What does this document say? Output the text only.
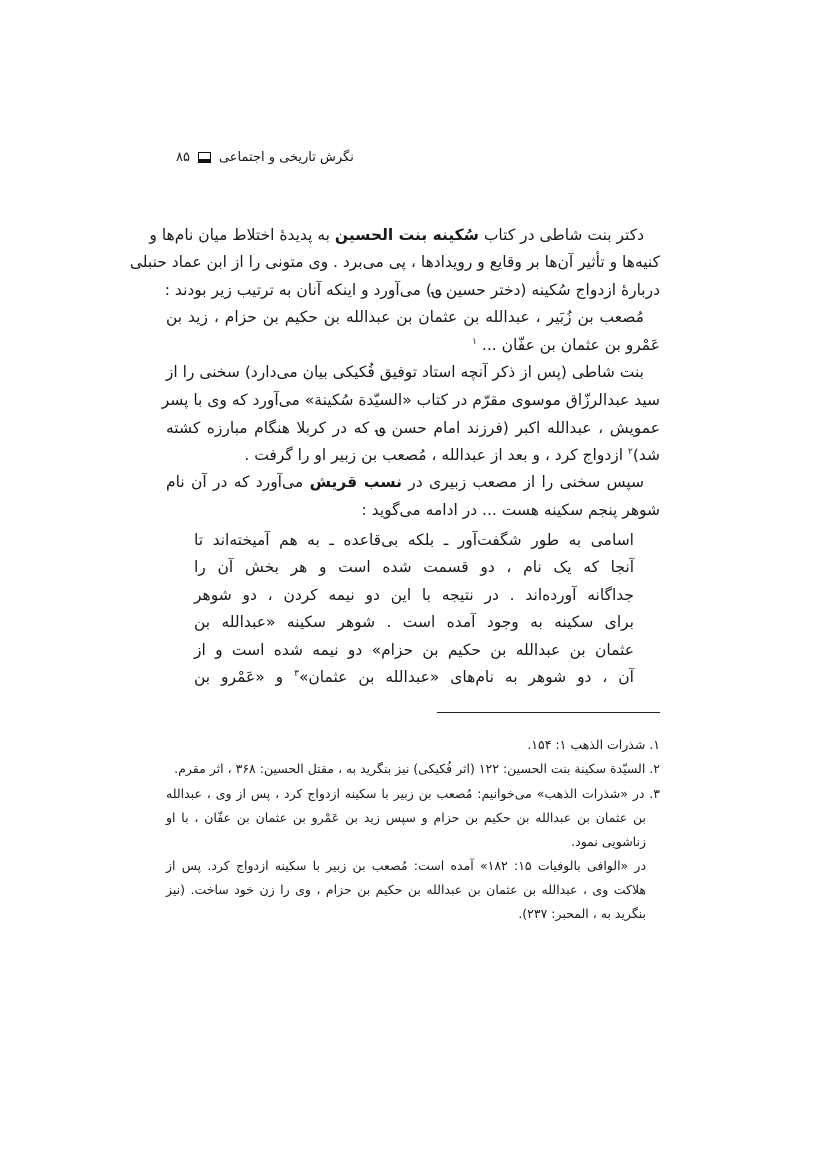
نگرش تاریخی و اجتماعی
۸۵
دکتر بنت شاطی در کتاب سُکینه بنت الحسین به پدیدهٔ اختلاط میان نام‌ها و
کنیه‌ها و تأثیر آن‌ها بر وقایع و رویدادها ، پی می‌برد . وی متونی را از ابن عماد حنبلی
دربارهٔ ازدواج سُکینه (دختر حسین ؈) می‌آورد و اینکه آنان به ترتیب زیر بودند :
مُصعب بن زُبَیر ، عبدالله بن عثمان بن عبدالله بن حکیم بن حزام ، زید بن
عَمْرو بن عثمان بن عفّان ... $^۱$
بنت شاطی (پس از ذکر آنچه استاد توفیق فُکیکی بیان می‌دارد) سخنی را از
سید عبدالرزّاق موسوی مقرّم در کتاب «السیّدة سُکینة» می‌آورد که وی با پسر
عمویش ، عبدالله اکبر (فرزند امام حسن ؈ که در کربلا هنگام مبارزه کشته
شد)$^۲$ ازدواج کرد ، و بعد از عبدالله ، مُصعب بن زبیر او را گرفت .
سپس سخنی را از مصعب زبیری در نسب قریش می‌آورد که در آن نام
شوهر پنجم سکینه هست ... در ادامه می‌گوید :
اسامی به طور شگفت‌آور ـ بلکه بی‌قاعده ـ به هم آمیخته‌اند تا
آنجا که یک نام ، دو قسمت شده است و هر بخش آن را
جداگانه آورده‌اند . در نتیجه با این دو نیمه کردن ، دو شوهر
برای سکینه به وجود آمده است . شوهر سکینه «عبدالله بن
عثمان بن عبدالله بن حکیم بن حزام» دو نیمه شده است و از
آن ، دو شوهر به نام‌های «عبدالله بن عثمان»$^۳$ و «عَمْرو بن
۱. شذرات الذهب ۱: ۱۵۴.
۲. السیّدة سکینة بنت الحسین: ۱۲۲ (اثر فُکیکی) نیز بنگرید به ، مقتل الحسین: ۳۶۸ ، اثر مقرم.
۳. در «شذرات الذهب» می‌خوانیم: مُصعب بن زبیر با سکینه ازدواج کرد ، پس از وی ، عبدالله
بن عثمان بن عبدالله بن حکیم بن حزام و سپس زید بن عَمْرو بن عثمان بن عفّان ، با او
زناشویی نمود.
در «الوافی بالوفیات ۱۵: ۱۸۲» آمده است: مُصعب بن زبیر با سکینه ازدواج کرد. پس از
هلاکت وی ، عبدالله بن عثمان بن عبدالله بن حکیم بن حزام ، وی را زن خود ساخت. (نیز
بنگرید به ، المحبر: ۲۳۷).
